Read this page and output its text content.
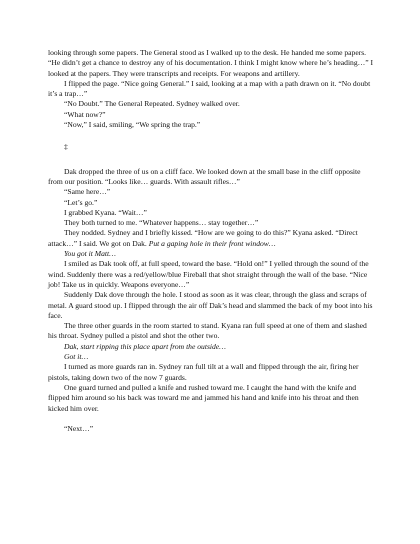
looking through some papers. The General stood as I walked up to the desk. He handed me some papers. “He didn’t get a chance to destroy any of his documentation. I think I might know where he’s heading…” I looked at the papers. They were transcripts and receipts. For weapons and artillery.

I flipped the page. “Nice going General.” I said, looking at a map with a path drawn on it. “No doubt it’s a trap…”

“No Doubt.” The General Repeated. Sydney walked over.

“What now?”

“Now,” I said, smiling, “We spring the trap.”

‡

Dak dropped the three of us on a cliff face. We looked down at the small base in the cliff opposite from our position. “Looks like… guards. With assault rifles…”

“Same here…”

“Let’s go.”

I grabbed Kyana. “Wait…”

They both turned to me. “Whatever happens… stay together…”

They nodded. Sydney and I briefly kissed. “How are we going to do this?” Kyana asked. “Direct attack…” I said. We got on Dak. Put a gaping hole in their front window…

You got it Matt…

I smiled as Dak took off, at full speed, toward the base. “Hold on!” I yelled through the sound of the wind. Suddenly there was a red/yellow/blue Fireball that shot straight through the wall of the base. “Nice job! Take us in quickly. Weapons everyone…”

Suddenly Dak dove through the hole. I stood as soon as it was clear, through the glass and scraps of metal. A guard stood up. I flipped through the air off Dak’s head and slammed the back of my boot into his face.

The three other guards in the room started to stand. Kyana ran full speed at one of them and slashed his throat. Sydney pulled a pistol and shot the other two.

Dak, start ripping this place apart from the outside…

Got it…

I turned as more guards ran in. Sydney ran full tilt at a wall and flipped through the air, firing her pistols, taking down two of the now 7 guards.

One guard turned and pulled a knife and rushed toward me. I caught the hand with the knife and flipped him around so his back was toward me and jammed his hand and knife into his throat and then kicked him over.

“Next…”
